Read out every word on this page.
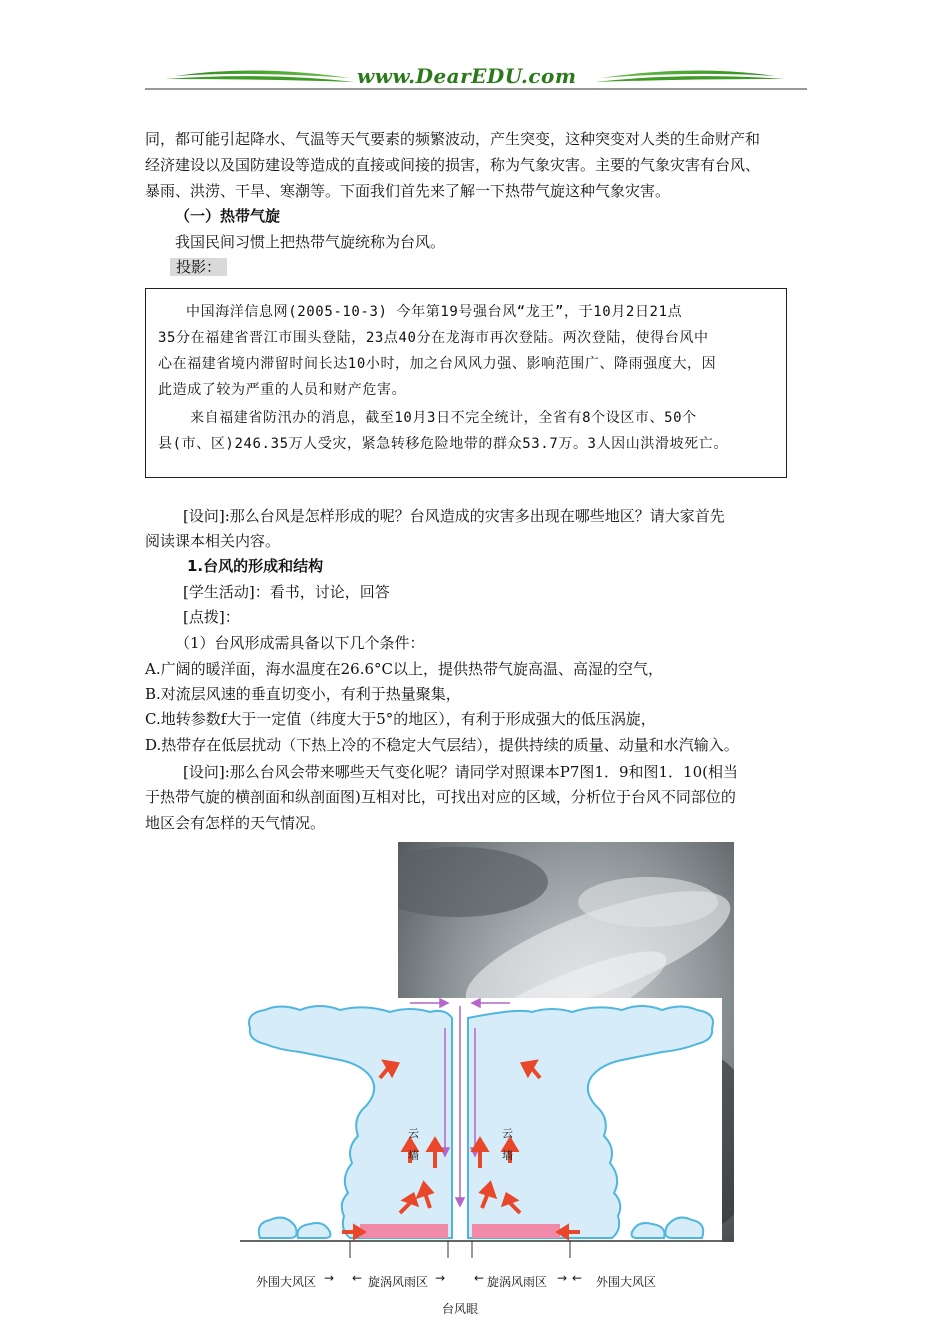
www.DearEDU.com
同，都可能引起降水、气温等天气要素的频繁波动，产生突变，这种突变对人类的生命财产和
经济建设以及国防建设等造成的直接或间接的损害，称为气象灾害。主要的气象灾害有台风、
暴雨、洪涝、干旱、寒潮等。下面我们首先来了解一下热带气旋这种气象灾害。
（一）热带气旋
我国民间习惯上把热带气旋统称为台风。
投影：
中国海洋信息网(2005-10-3) 今年第19号强台风“龙王”，于10月2日21点
35分在福建省晋江市围头登陆，23点40分在龙海市再次登陆。两次登陆，使得台风中
心在福建省境内滞留时间长达10小时，加之台风风力强、影响范围广、降雨强度大，因
此造成了较为严重的人员和财产危害。
来自福建省防汛办的消息，截至10月3日不完全统计，全省有8个设区市、50个
县(市、区)246.35万人受灾，紧急转移危险地带的群众53.7万。3人因山洪滑坡死亡。
[设问]:那么台风是怎样形成的呢？台风造成的灾害多出现在哪些地区？请大家首先
阅读课本相关内容。
1.台风的形成和结构
[学生活动]：看书，讨论，回答
[点拨]：
（1）台风形成需具备以下几个条件：
A.广阔的暖洋面，海水温度在26.6°C以上，提供热带气旋高温、高湿的空气，
B.对流层风速的垂直切变小，有利于热量聚集，
C.地转参数f大于一定值（纬度大于5°的地区），有利于形成强大的低压涡旋，
D.热带存在低层扰动（下热上冷的不稳定大气层结），提供持续的质量、动量和水汽输入。
[设问]:那么台风会带来哪些天气变化呢？请同学对照课本P7图1．9和图1．10(相当
于热带气旋的横剖面和纵剖面图)互相对比，可找出对应的区域，分析位于台风不同部位的
地区会有怎样的天气情况。
云墙
云墙
外围大风区 → ← 旋涡风雨区 → ← 旋涡风雨区 → ← 外围大风区
台风眼
